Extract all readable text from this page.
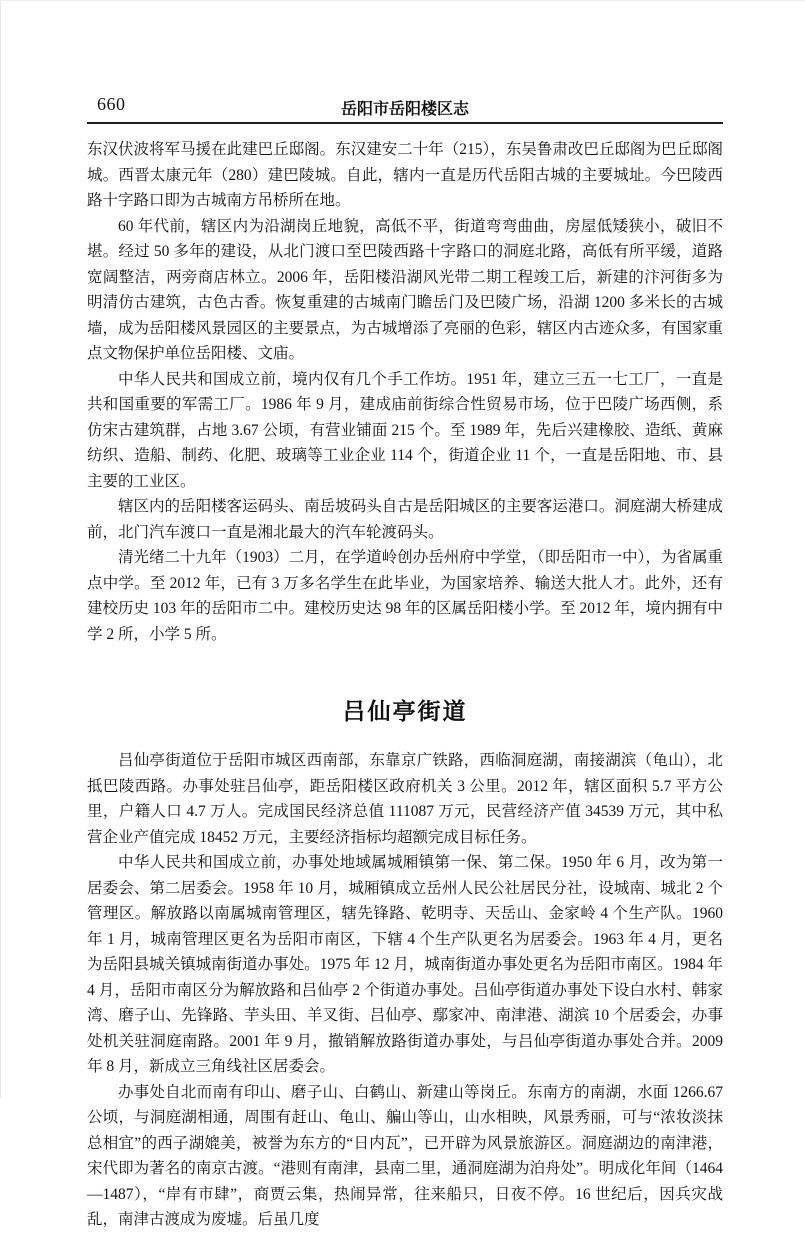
660	岳阳市岳阳楼区志

东汉伏波将军马援在此建巴丘邸阁。东汉建安二十年（215），东吴鲁肃改巴丘邸阁为巴丘邸阁城。西晋太康元年（280）建巴陵城。自此，辖内一直是历代岳阳古城的主要城址。今巴陵西路十字路口即为古城南方吊桥所在地。

60 年代前，辖区内为沿湖岗丘地貌，高低不平，街道弯弯曲曲，房屋低矮狭小，破旧不堪。经过 50 多年的建设，从北门渡口至巴陵西路十字路口的洞庭北路，高低有所平缓，道路宽阔整洁，两旁商店林立。2006 年，岳阳楼沿湖风光带二期工程竣工后，新建的汴河街多为明清仿古建筑，古色古香。恢复重建的古城南门瞻岳门及巴陵广场，沿湖 1200 多米长的古城墙，成为岳阳楼风景园区的主要景点，为古城增添了亮丽的色彩，辖区内古迹众多，有国家重点文物保护单位岳阳楼、文庙。

中华人民共和国成立前，境内仅有几个手工作坊。1951 年，建立三五一七工厂，一直是共和国重要的军需工厂。1986 年 9 月，建成庙前街综合性贸易市场，位于巴陵广场西侧，系仿宋古建筑群，占地 3.67 公顷，有营业铺面 215 个。至 1989 年，先后兴建橡胶、造纸、黄麻纺织、造船、制药、化肥、玻璃等工业企业 114 个，街道企业 11 个，一直是岳阳地、市、县主要的工业区。

辖区内的岳阳楼客运码头、南岳坡码头自古是岳阳城区的主要客运港口。洞庭湖大桥建成前，北门汽车渡口一直是湘北最大的汽车轮渡码头。

清光绪二十九年（1903）二月，在学道岭创办岳州府中学堂，（即岳阳市一中），为省属重点中学。至 2012 年，已有 3 万多名学生在此毕业，为国家培养、输送大批人才。此外，还有建校历史 103 年的岳阳市二中。建校历史达 98 年的区属岳阳楼小学。至 2012 年，境内拥有中学 2 所，小学 5 所。

吕仙亭街道

吕仙亭街道位于岳阳市城区西南部，东靠京广铁路，西临洞庭湖，南接湖滨（龟山），北抵巴陵西路。办事处驻吕仙亭，距岳阳楼区政府机关 3 公里。2012 年，辖区面积 5.7 平方公里，户籍人口 4.7 万人。完成国民经济总值 111087 万元，民营经济产值 34539 万元，其中私营企业产值完成 18452 万元，主要经济指标均超额完成目标任务。

中华人民共和国成立前，办事处地域属城厢镇第一保、第二保。1950 年 6 月，改为第一居委会、第二居委会。1958 年 10 月，城厢镇成立岳州人民公社居民分社，设城南、城北 2 个管理区。解放路以南属城南管理区，辖先锋路、乾明寺、天岳山、金家岭 4 个生产队。1960 年 1 月，城南管理区更名为岳阳市南区，下辖 4 个生产队更名为居委会。1963 年 4 月，更名为岳阳县城关镇城南街道办事处。1975 年 12 月，城南街道办事处更名为岳阳市南区。1984 年 4 月，岳阳市南区分为解放路和吕仙亭 2 个街道办事处。吕仙亭街道办事处下设白水村、韩家湾、磨子山、先锋路、芋头田、羊叉街、吕仙亭、鄢家冲、南津港、湖滨 10 个居委会，办事处机关驻洞庭南路。2001 年 9 月，撤销解放路街道办事处，与吕仙亭街道办事处合并。2009 年 8 月，新成立三角线社区居委会。

办事处自北而南有印山、磨子山、白鹤山、新建山等岗丘。东南方的南湖，水面 1266.67 公顷，与洞庭湖相通，周围有赶山、龟山、艑山等山，山水相映，风景秀丽，可与“浓妆淡抹总相宜”的西子湖媲美，被誉为东方的“日内瓦”，已开辟为风景旅游区。洞庭湖边的南津港，宋代即为著名的南京古渡。“港则有南津，县南二里，通洞庭湖为泊舟处”。明成化年间（1464—1487），“岸有市肆”，商贾云集，热闹异常，往来船只，日夜不停。16 世纪后，因兵灾战乱，南津古渡成为废墟。后虽几度
